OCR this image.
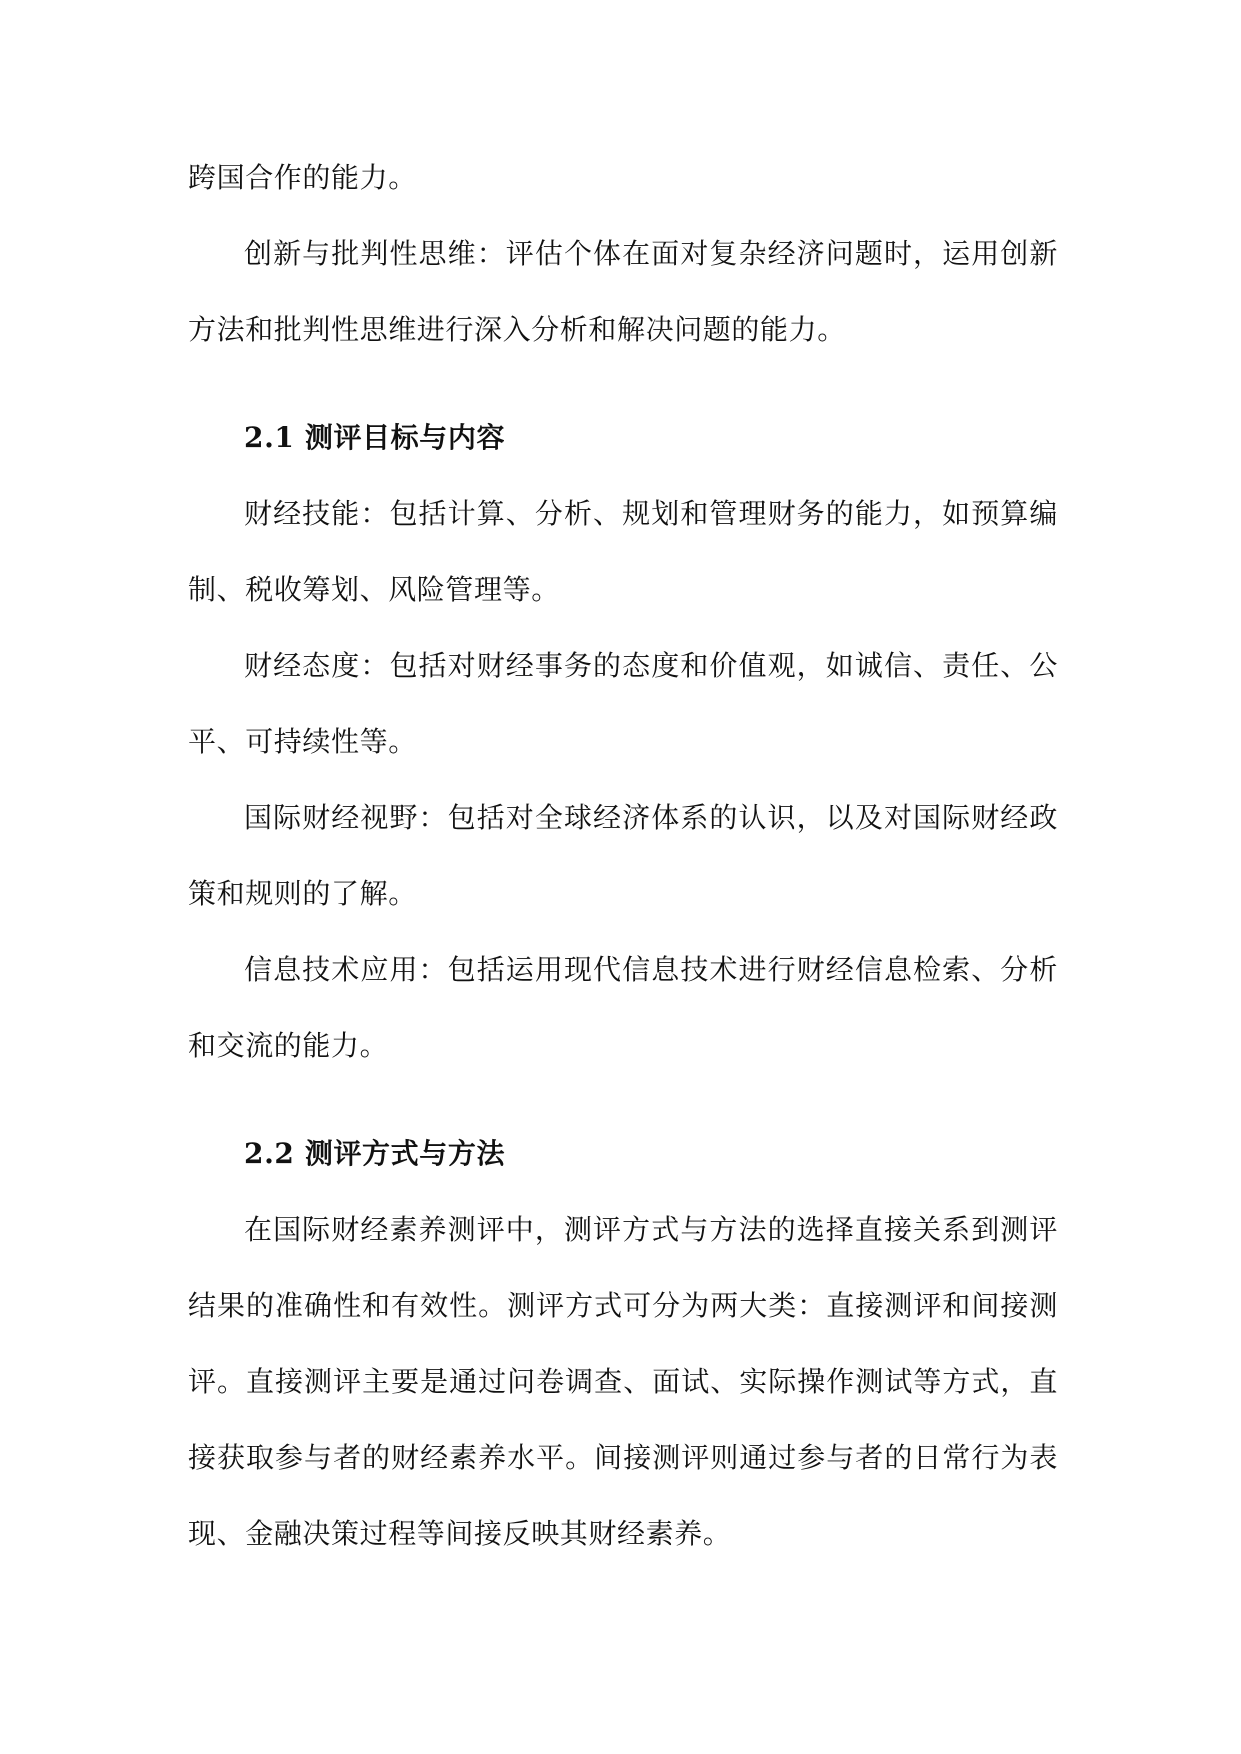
跨国合作的能力。

创新与批判性思维：评估个体在面对复杂经济问题时，运用创新方法和批判性思维进行深入分析和解决问题的能力。

2.1 测评目标与内容

财经技能：包括计算、分析、规划和管理财务的能力，如预算编制、税收筹划、风险管理等。

财经态度：包括对财经事务的态度和价值观，如诚信、责任、公平、可持续性等。

国际财经视野：包括对全球经济体系的认识，以及对国际财经政策和规则的了解。

信息技术应用：包括运用现代信息技术进行财经信息检索、分析和交流的能力。

2.2 测评方式与方法

在国际财经素养测评中，测评方式与方法的选择直接关系到测评结果的准确性和有效性。测评方式可分为两大类：直接测评和间接测评。直接测评主要是通过问卷调查、面试、实际操作测试等方式，直接获取参与者的财经素养水平。间接测评则通过参与者的日常行为表现、金融决策过程等间接反映其财经素养。
